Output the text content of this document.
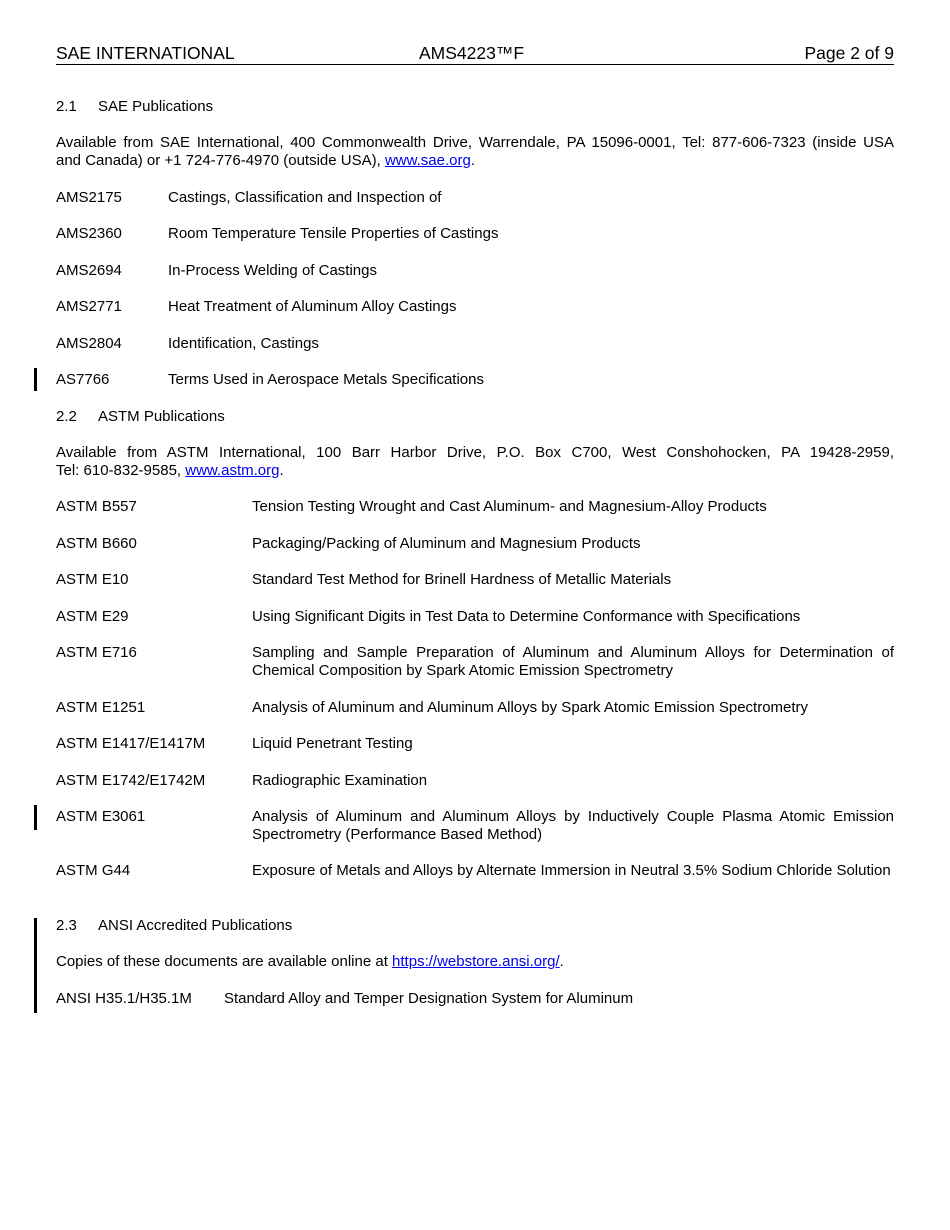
SAE INTERNATIONAL	AMS4223™F	Page 2 of 9
2.1 SAE Publications
Available from SAE International, 400 Commonwealth Drive, Warrendale, PA 15096-0001, Tel: 877-606-7323 (inside USA
and Canada) or +1 724-776-4970 (outside USA), www.sae.org.
AMS2175	Castings, Classification and Inspection of
AMS2360	Room Temperature Tensile Properties of Castings
AMS2694	In-Process Welding of Castings
AMS2771	Heat Treatment of Aluminum Alloy Castings
AMS2804	Identification, Castings
AS7766	Terms Used in Aerospace Metals Specifications
2.2 ASTM Publications
Available from ASTM International, 100 Barr Harbor Drive, P.O. Box C700, West Conshohocken, PA 19428-2959,
Tel: 610-832-9585, www.astm.org.
ASTM B557	Tension Testing Wrought and Cast Aluminum- and Magnesium-Alloy Products
ASTM B660	Packaging/Packing of Aluminum and Magnesium Products
ASTM E10	Standard Test Method for Brinell Hardness of Metallic Materials
ASTM E29	Using Significant Digits in Test Data to Determine Conformance with Specifications
ASTM E716	Sampling and Sample Preparation of Aluminum and Aluminum Alloys for Determination of Chemical Composition by Spark Atomic Emission Spectrometry
ASTM E1251	Analysis of Aluminum and Aluminum Alloys by Spark Atomic Emission Spectrometry
ASTM E1417/E1417M	Liquid Penetrant Testing
ASTM E1742/E1742M	Radiographic Examination
ASTM E3061	Analysis of Aluminum and Aluminum Alloys by Inductively Couple Plasma Atomic Emission Spectrometry (Performance Based Method)
ASTM G44	Exposure of Metals and Alloys by Alternate Immersion in Neutral 3.5% Sodium Chloride Solution
2.3 ANSI Accredited Publications
Copies of these documents are available online at https://webstore.ansi.org/.
ANSI H35.1/H35.1M Standard Alloy and Temper Designation System for Aluminum
